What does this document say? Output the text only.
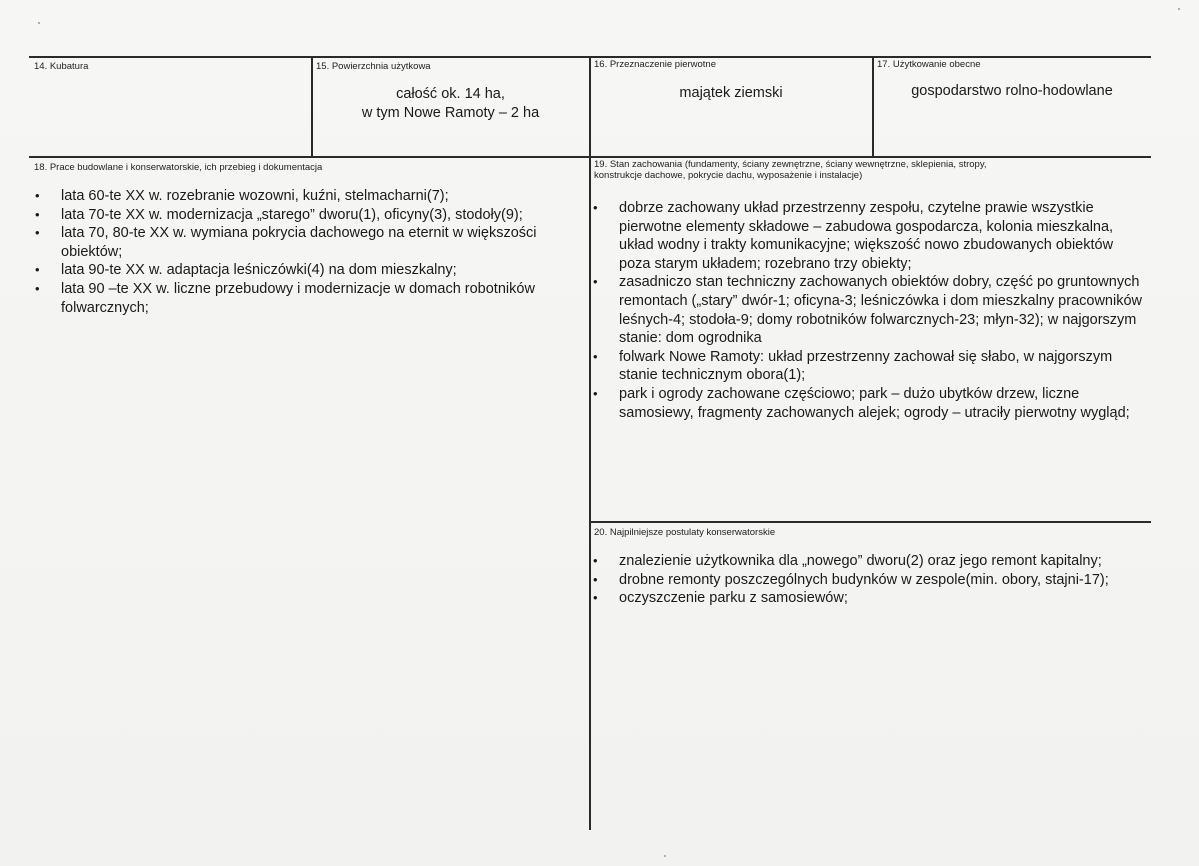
14. Kubatura	15. Powierzchnia użytkowa
całość ok. 14 ha,
w tym Nowe Ramoty – 2 ha
16. Przeznaczenie pierwotne
majątek ziemski
17. Użytkowanie obecne
gospodarstwo rolno-hodowlane
18. Prace budowlane i konserwatorskie, ich przebieg i dokumentacja
• lata 60-te XX w. rozebranie wozowni, kuźni, stelmacharni(7);
• lata 70-te XX w. modernizacja „starego” dworu(1), oficyny(3), stodoły(9);
• lata 70, 80-te XX w. wymiana pokrycia dachowego na eternit w większości obiektów;
• lata 90-te XX w. adaptacja leśniczówki(4) na dom mieszkalny;
• lata 90 –te XX w. liczne przebudowy i modernizacje w domach robotników folwarcznych;
19. Stan zachowania (fundamenty, ściany zewnętrzne, ściany wewnętrzne, sklepienia, stropy,
konstrukcje dachowe, pokrycie dachu, wyposażenie i instalacje)
• dobrze zachowany układ przestrzenny zespołu, czytelne prawie wszystkie pierwotne elementy składowe – zabudowa gospodarcza, kolonia mieszkalna, układ wodny i trakty komunikacyjne; większość nowo zbudowanych obiektów poza starym układem; rozebrano trzy obiekty;
• zasadniczo stan techniczny zachowanych obiektów dobry, część po gruntownych remontach („stary” dwór-1; oficyna-3; leśniczówka i dom mieszkalny pracowników leśnych-4; stodoła-9; domy robotników folwarcznych-23; młyn-32); w najgorszym stanie: dom ogrodnika
• folwark Nowe Ramoty: układ przestrzenny zachował się słabo, w najgorszym stanie technicznym obora(1);
• park i ogrody zachowane częściowo; park – dużo ubytków drzew, liczne samosiewy, fragmenty zachowanych alejek; ogrody – utraciły pierwotny wygląd;
20. Najpilniejsze postulaty konserwatorskie
• znalezienie użytkownika dla „nowego” dworu(2) oraz jego remont kapitalny;
• drobne remonty poszczególnych budynków w zespole(min. obory, stajni-17);
• oczyszczenie parku z samosiewów;
